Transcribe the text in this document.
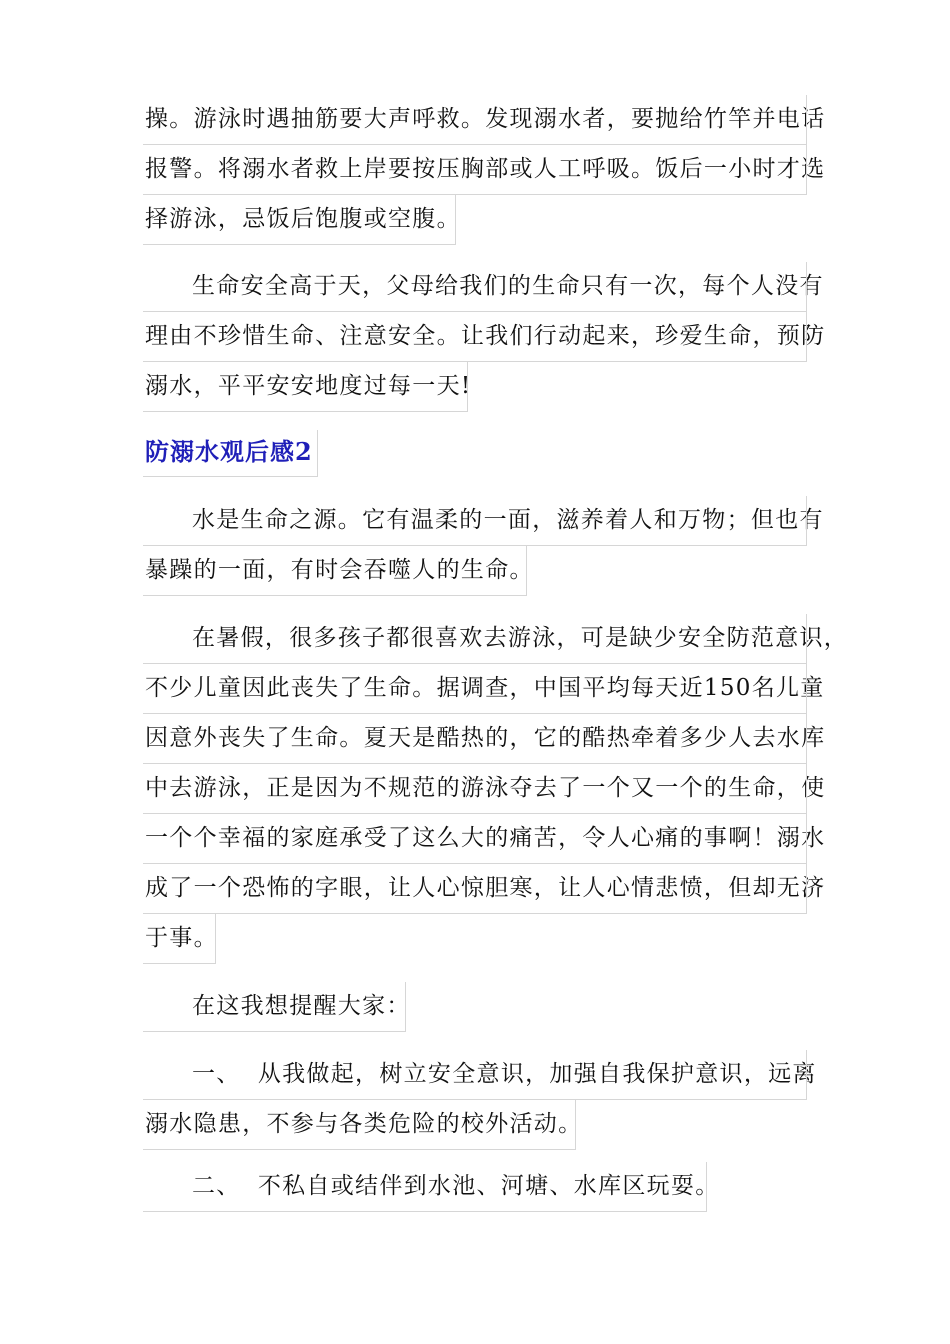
操。游泳时遇抽筋要大声呼救。发现溺水者，要抛给竹竿并电话
报警。将溺水者救上岸要按压胸部或人工呼吸。饭后一小时才选
择游泳，忌饭后饱腹或空腹。
生命安全高于天，父母给我们的生命只有一次，每个人没有
理由不珍惜生命、注意安全。让我们行动起来，珍爱生命，预防
溺水，平平安安地度过每一天!
防溺水观后感2
水是生命之源。它有温柔的一面，滋养着人和万物；但也有
暴躁的一面，有时会吞噬人的生命。
在暑假，很多孩子都很喜欢去游泳，可是缺少安全防范意识，
不少儿童因此丧失了生命。据调查，中国平均每天近150名儿童
因意外丧失了生命。夏天是酷热的，它的酷热牵着多少人去水库
中去游泳，正是因为不规范的游泳夺去了一个又一个的生命，使
一个个幸福的家庭承受了这么大的痛苦，令人心痛的事啊！溺水
成了一个恐怖的字眼，让人心惊胆寒，让人心情悲愤，但却无济
于事。
在这我想提醒大家：
一、  从我做起，树立安全意识，加强自我保护意识，远离
溺水隐患，不参与各类危险的校外活动。
二、  不私自或结伴到水池、河塘、水库区玩耍。
